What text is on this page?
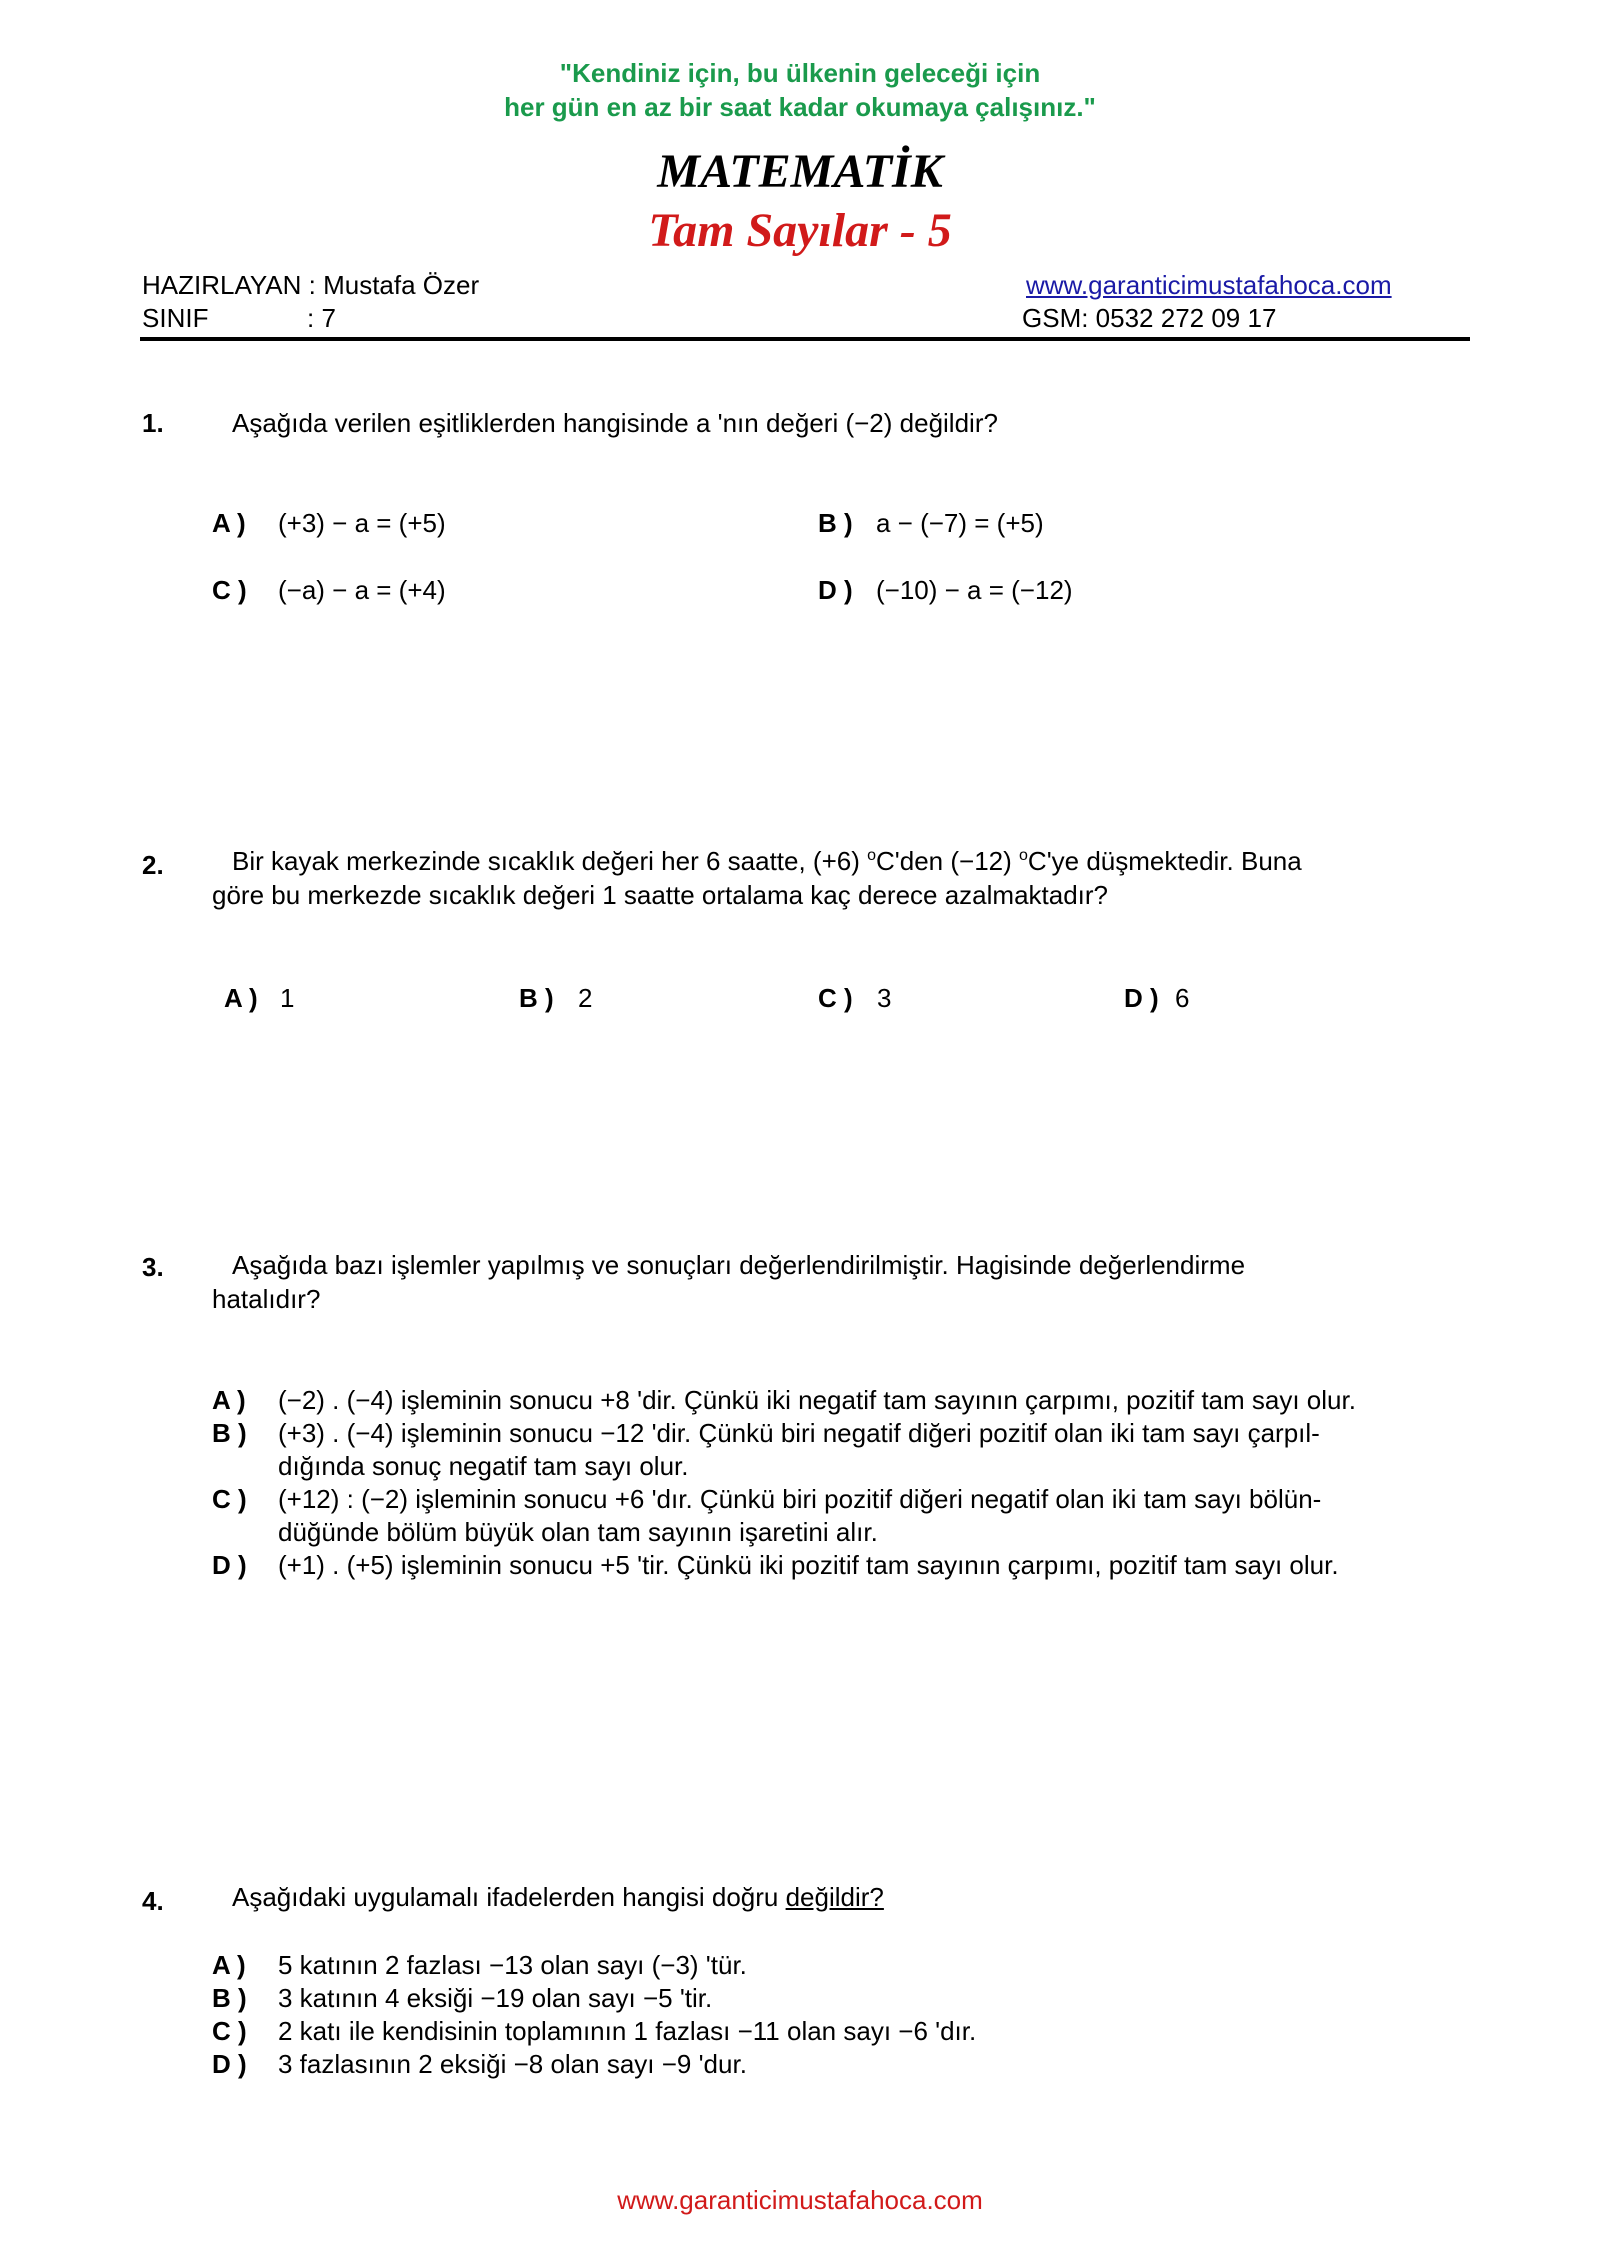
"Kendiniz için, bu ülkenin geleceği için
her gün en az bir saat kadar okumaya çalışınız."
MATEMATİK
Tam Sayılar - 5
HAZIRLAYAN : Mustafa Özer
SINIF	: 7
www.garanticimustafahoca.com
GSM: 0532 272 09 17
1.	Aşağıda verilen eşitliklerden hangisinde a 'nın değeri (−2) değildir?
A ) (+3) − a = (+5)	B ) a − (−7) = (+5)
C ) (−a) − a = (+4)	D ) (−10) − a = (−12)
2.	Bir kayak merkezinde sıcaklık değeri her 6 saatte, (+6) $^o$C'den (−12) $^o$C'ye düşmektedir. Buna
göre bu merkezde sıcaklık değeri 1 saatte ortalama kaç derece azalmaktadır?
A ) 1	B ) 2	C ) 3	D ) 6
3.	Aşağıda bazı işlemler yapılmış ve sonuçları değerlendirilmiştir. Hagisinde değerlendirme
hatalıdır?
A ) (−2) . (−4) işleminin sonucu +8 'dir. Çünkü iki negatif tam sayının çarpımı, pozitif tam sayı olur.
B ) (+3) . (−4) işleminin sonucu −12 'dir. Çünkü biri negatif diğeri pozitif olan iki tam sayı çarpıl-
dığında sonuç negatif tam sayı olur.
C ) (+12) : (−2) işleminin sonucu +6 'dır. Çünkü biri pozitif diğeri negatif olan iki tam sayı bölün-
düğünde bölüm büyük olan tam sayının işaretini alır.
D ) (+1) . (+5) işleminin sonucu +5 'tir. Çünkü iki pozitif tam sayının çarpımı, pozitif tam sayı olur.
4.	Aşağıdaki uygulamalı ifadelerden hangisi doğru değildir?
A ) 5 katının 2 fazlası −13 olan sayı (−3) 'tür.
B ) 3 katının 4 eksiği −19 olan sayı −5 'tir.
C ) 2 katı ile kendisinin toplamının 1 fazlası −11 olan sayı −6 'dır.
D ) 3 fazlasının 2 eksiği −8 olan sayı −9 'dur.
www.garanticimustafahoca.com
